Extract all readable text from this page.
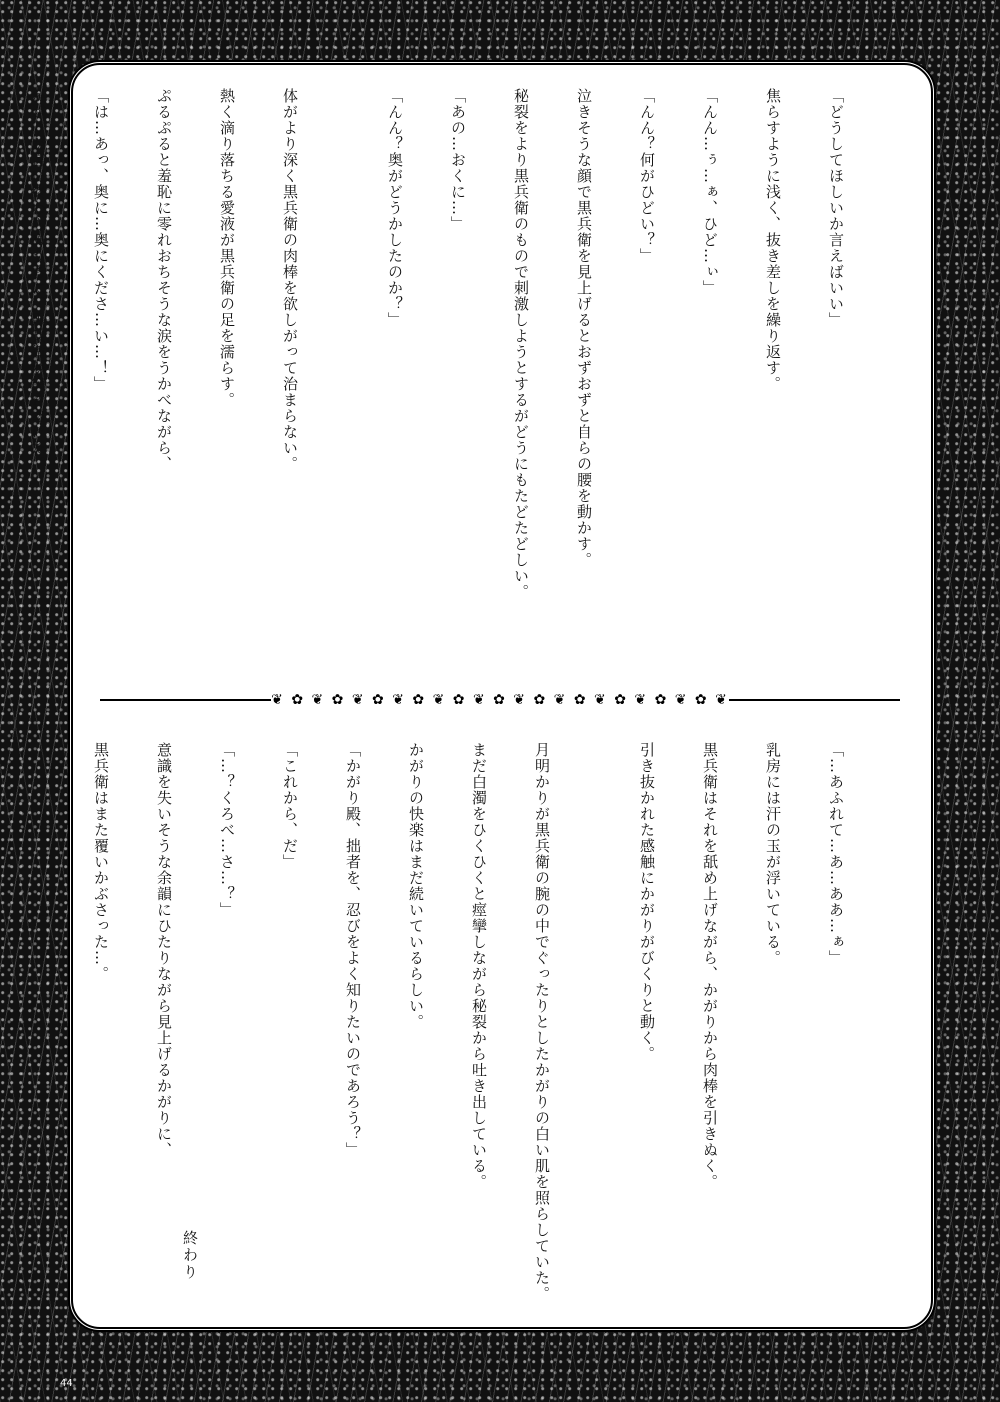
「どうしてほしいか言えばいい」

焦らすように浅く、抜き差しを繰り返す。

「んん…ぅ…ぁ、ひど…ぃ」

「んん？何がひどい？」

泣きそうな顔で黒兵衛を見上げるとおずおずと自らの腰を動かす。

秘裂をより黒兵衛のもので刺激しようとするがどうにもたどたどしい。

「あの…おくに…」

「んん？奥がどうかしたのか？」

体がより深く黒兵衛の肉棒を欲しがって治まらない。

熱く滴り落ちる愛液が黒兵衛の足を濡らす。

ぷるぷると羞恥に零れおちそうな涙をうかべながら、

「は…あっ、奥に…奥にくださ…い…！」

かがりが言い終わらぬうちに、黒兵衛が突きあげた。

❦ ✿ ❦ ✿ ❦ ✿ ❦ ✿ ❦ ✿ ❦ ✿ ❦ ✿ ❦ ✿ ❦ ✿ ❦ ✿ ❦ ✿ ❦

「…あふれて…あ…ああ…ぁ」

乳房には汗の玉が浮いている。

黒兵衛はそれを舐め上げながら、かがりから肉棒を引きぬく。

引き抜かれた感触にかがりがびくりと動く。

月明かりが黒兵衛の腕の中でぐったりとしたかがりの白い肌を照らしていた。

まだ白濁をひくひくと痙攣しながら秘裂から吐き出している。

かがりの快楽はまだ続いているらしい。

「かがり殿、拙者を、忍びをよく知りたいのであろう？」

「これから、だ」

「…？くろべ…さ…？」

意識を失いそうな余韻にひたりながら見上げるかがりに、

黒兵衛はまた覆いかぶさった…。

終わり
44
